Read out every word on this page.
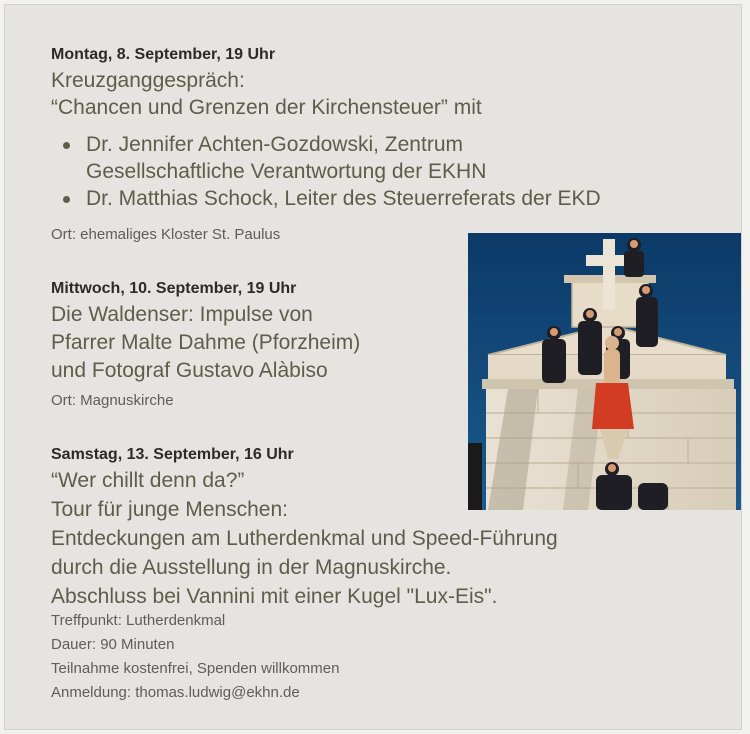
Montag, 8. September, 19 Uhr
Kreuzganggespräch:
“Chancen und Grenzen der Kirchensteuer” mit
Dr. Jennifer Achten-Gozdowski, Zentrum
Gesellschaftliche Verantwortung der EKHN
Dr. Matthias Schock, Leiter des Steuerreferats der EKD
Ort: ehemaliges Kloster St. Paulus
Mittwoch, 10. September, 19 Uhr
Die Waldenser: Impulse von
Pfarrer Malte Dahme (Pforzheim)
und Fotograf Gustavo Alàbiso
Ort: Magnuskirche
Samstag, 13. September, 16 Uhr
“Wer chillt denn da?”
Tour für junge Menschen:
Entdeckungen am Lutherdenkmal und Speed-Führung
durch die Ausstellung in der Magnuskirche.
Abschluss bei Vannini mit einer Kugel "Lux-Eis".
Treffpunkt: Lutherdenkmal
Dauer: 90 Minuten
Teilnahme kostenfrei, Spenden willkommen
Anmeldung: thomas.ludwig@ekhn.de
